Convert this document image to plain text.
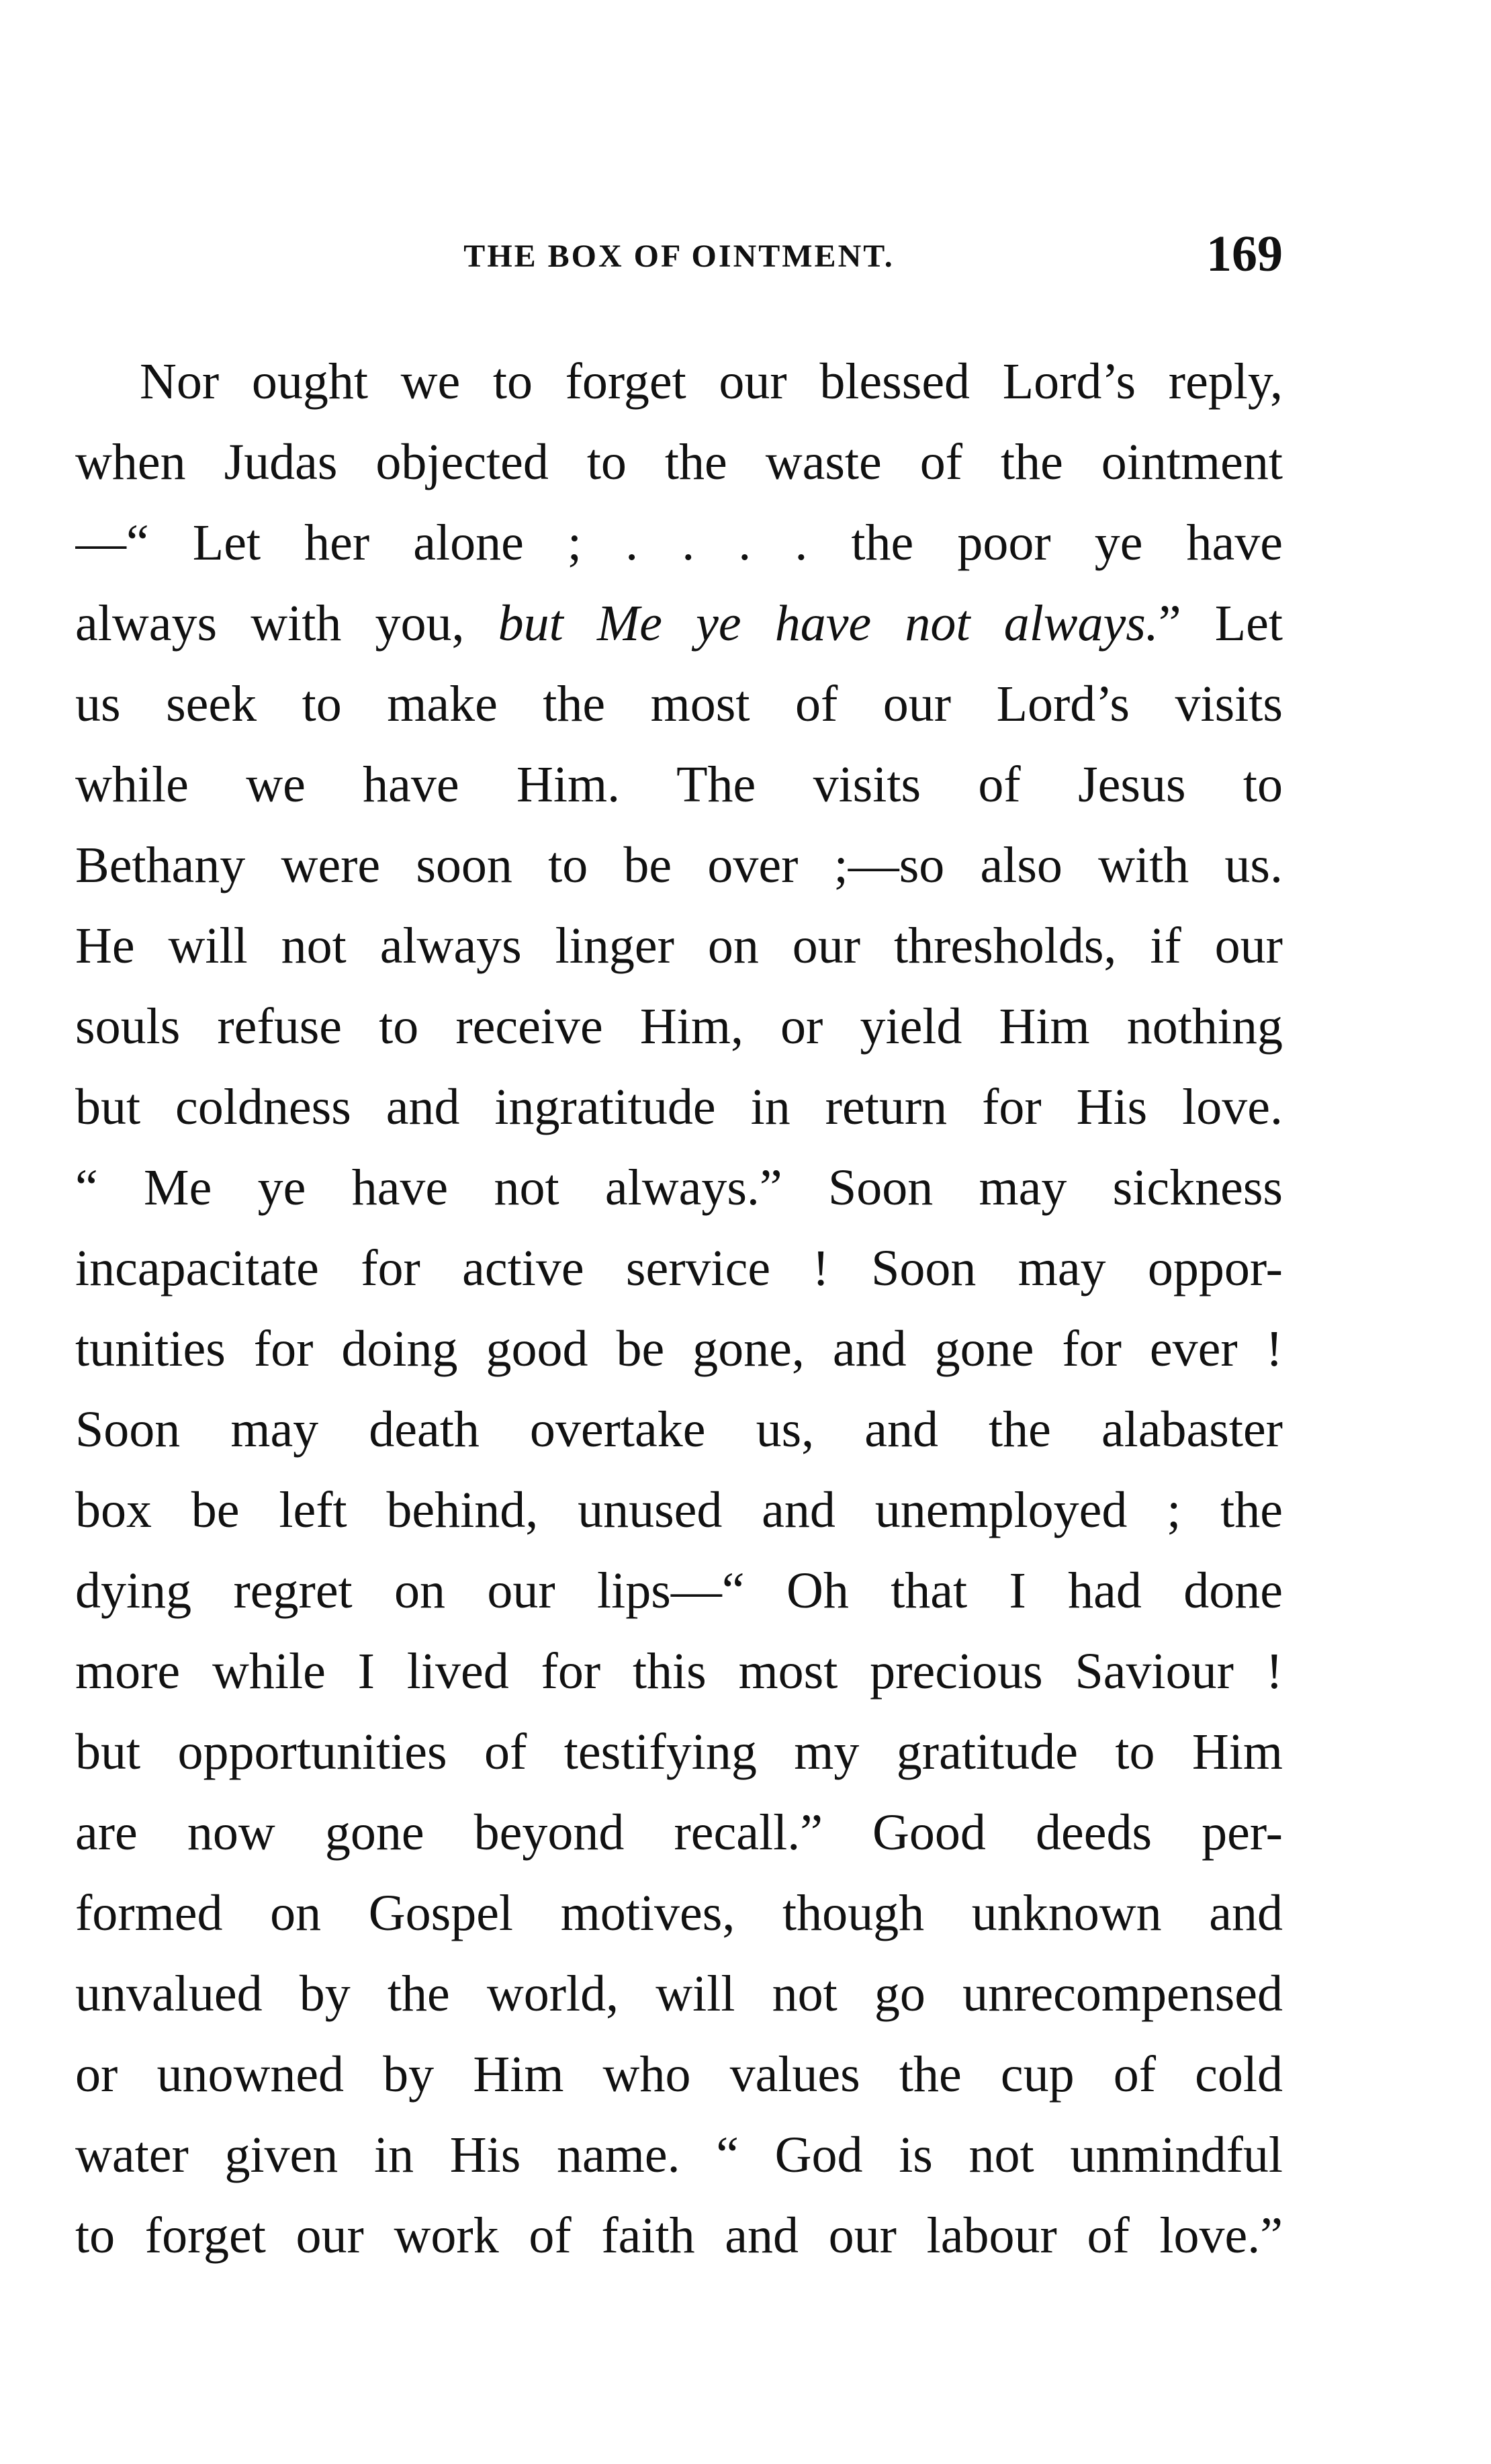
THE BOX OF OINTMENT.	169
Nor ought we to forget our blessed Lord’s reply,
when Judas objected to the waste of the ointment
—“ Let her alone ; . . . . the poor ye have
always with you, but Me ye have not always.” Let
us seek to make the most of our Lord’s visits
while we have Him. The visits of Jesus to
Bethany were soon to be over ;—so also with us.
He will not always linger on our thresholds, if our
souls refuse to receive Him, or yield Him nothing
but coldness and ingratitude in return for His love.
“ Me ye have not always.” Soon may sickness
incapacitate for active service ! Soon may oppor-
tunities for doing good be gone, and gone for ever !
Soon may death overtake us, and the alabaster
box be left behind, unused and unemployed ; the
dying regret on our lips—“ Oh that I had done
more while I lived for this most precious Saviour !
but opportunities of testifying my gratitude to Him
are now gone beyond recall.” Good deeds per-
formed on Gospel motives, though unknown and
unvalued by the world, will not go unrecompensed
or unowned by Him who values the cup of cold
water given in His name. “ God is not unmindful
to forget our work of faith and our labour of love.”
